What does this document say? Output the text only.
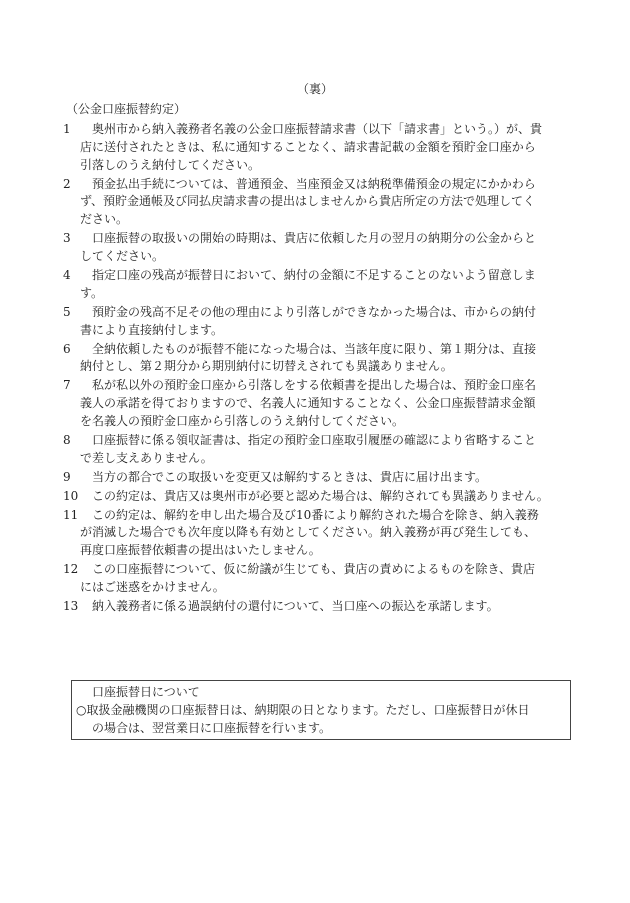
（裏）
（公金口座振替約定）
1	奥州市から納入義務者名義の公金口座振替請求書（以下「請求書」という。）が、貴
店に送付されたときは、私に通知することなく、請求書記載の金額を預貯金口座から
引落しのうえ納付してください。
2	預金払出手続については、普通預金、当座預金又は納税準備預金の規定にかかわら
ず、預貯金通帳及び同払戻請求書の提出はしませんから貴店所定の方法で処理してく
ださい。
3	口座振替の取扱いの開始の時期は、貴店に依頼した月の翌月の納期分の公金からと
してください。
4	指定口座の残高が振替日において、納付の金額に不足することのないよう留意しま
す。
5	預貯金の残高不足その他の理由により引落しができなかった場合は、市からの納付
書により直接納付します。
6	全納依頼したものが振替不能になった場合は、当該年度に限り、第１期分は、直接
納付とし、第２期分から期別納付に切替えされても異議ありません。
7	私が私以外の預貯金口座から引落しをする依頼書を提出した場合は、預貯金口座名
義人の承諾を得ておりますので、名義人に通知することなく、公金口座振替請求金額
を名義人の預貯金口座から引落しのうえ納付してください。
8	口座振替に係る領収証書は、指定の預貯金口座取引履歴の確認により省略すること
で差し支えありません。
9	当方の都合でこの取扱いを変更又は解約するときは、貴店に届け出ます。
10	この約定は、貴店又は奥州市が必要と認めた場合は、解約されても異議ありません。
11	この約定は、解約を申し出た場合及び10番により解約された場合を除き、納入義務
が消滅した場合でも次年度以降も有効としてください。納入義務が再び発生しても、
再度口座振替依頼書の提出はいたしません。
12	この口座振替について、仮に紛議が生じても、貴店の責めによるものを除き、貴店
にはご迷惑をかけません。
13	納入義務者に係る過誤納付の還付について、当口座への振込を承諾します。
口座振替日について
○取扱金融機関の口座振替日は、納期限の日となります。ただし、口座振替日が休日
の場合は、翌営業日に口座振替を行います。
